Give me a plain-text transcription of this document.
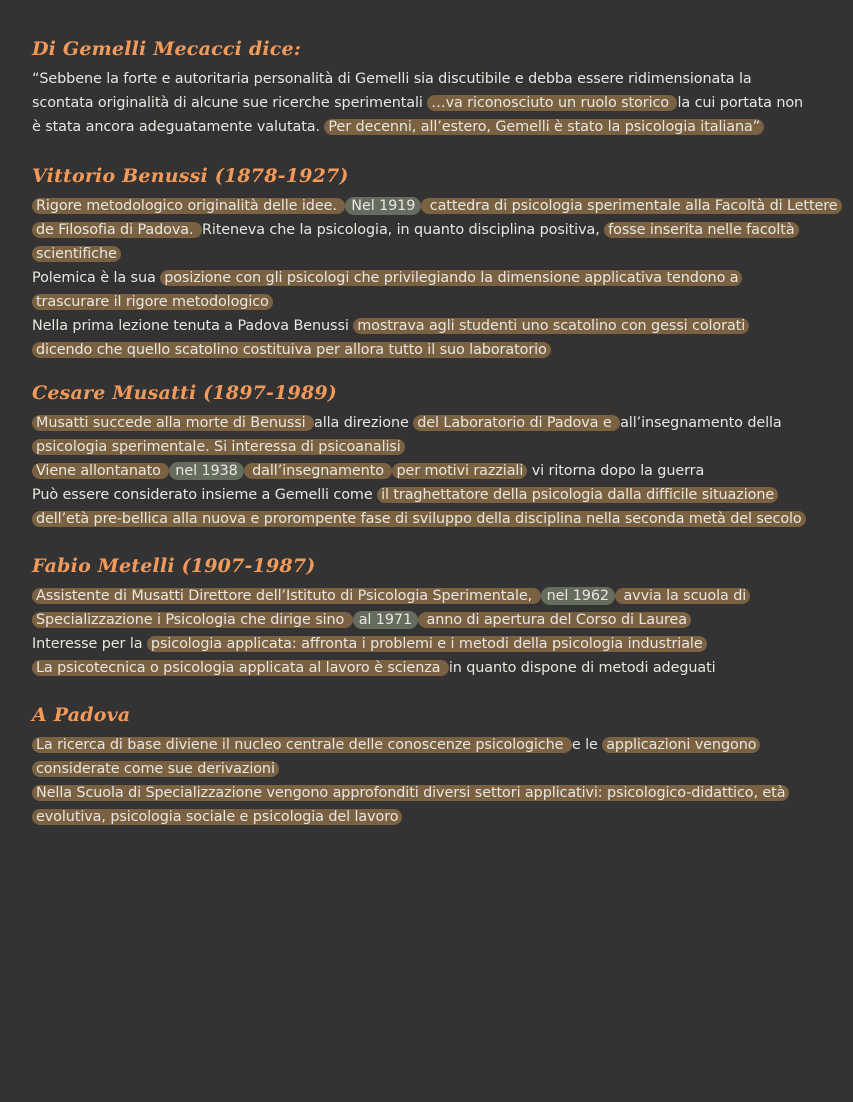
Di Gemelli Mecacci dice:
“Sebbene la forte e autoritaria personalità di Gemelli sia discutibile e debba essere ridimensionata la
scontata originalità di alcune sue ricerche sperimentali …va riconosciuto un ruolo storico la cui portata non
è stata ancora adeguatamente valutata. Per decenni, all’estero, Gemelli è stato la psicologia italiana”
Vittorio Benussi (1878-1927)
Rigore metodologico originalità delle idee. Nel 1919 cattedra di psicologia sperimentale alla Facoltà di Lettere
de Filosofia di Padova. Riteneva che la psicologia, in quanto disciplina positiva, fosse inserita nelle facoltà
scientifiche
Polemica è la sua posizione con gli psicologi che privilegiando la dimensione applicativa tendono a
trascurare il rigore metodologico
Nella prima lezione tenuta a Padova Benussi mostrava agli studenti uno scatolino con gessi colorati
dicendo che quello scatolino costituiva per allora tutto il suo laboratorio
Cesare Musatti (1897-1989)
Musatti succede alla morte di Benussi alla direzione del Laboratorio di Padova e all’insegnamento della
psicologia sperimentale. Si interessa di psicoanalisi
Viene allontanato nel 1938 dall’insegnamento per motivi razziali vi ritorna dopo la guerra
Può essere considerato insieme a Gemelli come il traghettatore della psicologia dalla difficile situazione
dell’età pre-bellica alla nuova e prorompente fase di sviluppo della disciplina nella seconda metà del secolo
Fabio Metelli (1907-1987)
Assistente di Musatti Direttore dell’Istituto di Psicologia Sperimentale, nel 1962 avvia la scuola di
Specializzazione i Psicologia che dirige sino al 1971 anno di apertura del Corso di Laurea
Interesse per la psicologia applicata: affronta i problemi e i metodi della psicologia industriale
La psicotecnica o psicologia applicata al lavoro è scienza in quanto dispone di metodi adeguati
A Padova
La ricerca di base diviene il nucleo centrale delle conoscenze psicologiche e le applicazioni vengono
considerate come sue derivazioni
Nella Scuola di Specializzazione vengono approfonditi diversi settori applicativi: psicologico-didattico, età
evolutiva, psicologia sociale e psicologia del lavoro
